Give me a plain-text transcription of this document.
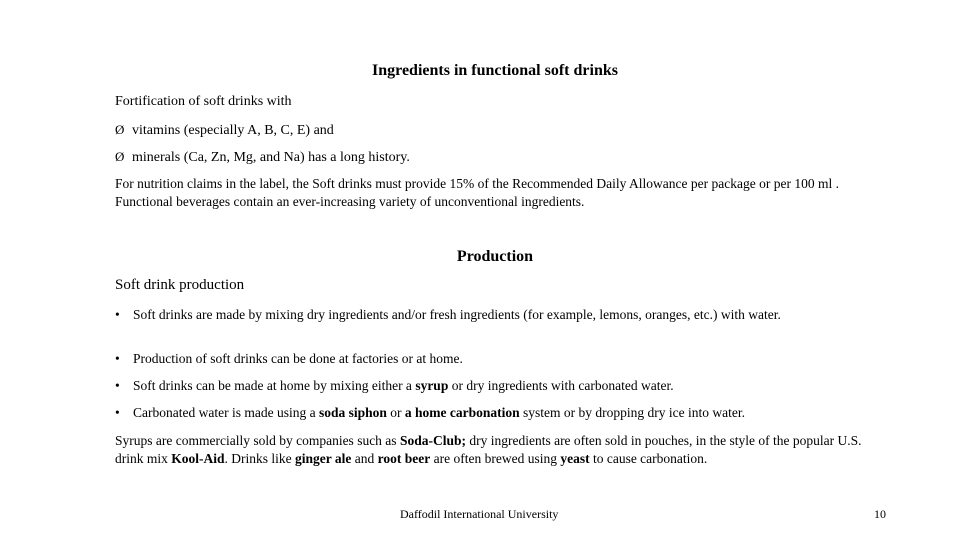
Ingredients in functional soft drinks
Fortification of soft drinks with
Ø vitamins (especially A, B, C, E) and
Ø minerals (Ca, Zn, Mg, and Na) has a long history.
For nutrition claims in the label, the Soft drinks must provide 15% of the Recommended Daily Allowance per package or per 100 ml . Functional beverages contain an ever-increasing variety of unconventional ingredients.
Production
Soft drink production
• Soft drinks are made by mixing dry ingredients and/or fresh ingredients (for example, lemons, oranges, etc.) with water.
• Production of soft drinks can be done at factories or at home.
• Soft drinks can be made at home by mixing either a syrup or dry ingredients with carbonated water.
• Carbonated water is made using a soda siphon or a home carbonation system or by dropping dry ice into water.
Syrups are commercially sold by companies such as Soda-Club; dry ingredients are often sold in pouches, in the style of the popular U.S. drink mix Kool-Aid. Drinks like ginger ale and root beer are often brewed using yeast to cause carbonation.
Daffodil International University	10
